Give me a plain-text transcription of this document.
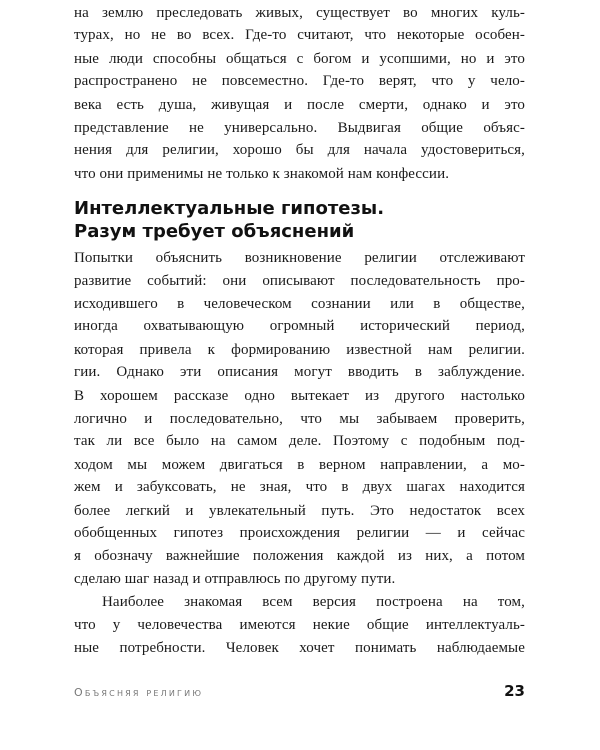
на землю преследовать живых, существует во многих куль-
турах, но не во всех. Где-то считают, что некоторые особен-
ные люди способны общаться с богом и усопшими, но и это
распространено не повсеместно. Где-то верят, что у чело-
века есть душа, живущая и после смерти, однако и это
представление не универсально. Выдвигая общие объяс-
нения для религии, хорошо бы для начала удостовериться,
что они применимы не только к знакомой нам конфессии.
Интеллектуальные гипотезы.
Разум требует объяснений
Попытки объяснить возникновение религии отслеживают
развитие событий: они описывают последовательность про-
исходившего в человеческом сознании или в обществе,
иногда охватывающую огромный исторический период,
которая привела к формированию известной нам религии.
гии. Однако эти описания могут вводить в заблуждение.
В хорошем рассказе одно вытекает из другого настолько
логично и последовательно, что мы забываем проверить,
так ли все было на самом деле. Поэтому с подобным под-
ходом мы можем двигаться в верном направлении, а мо-
жем и забуксовать, не зная, что в двух шагах находится
более легкий и увлекательный путь. Это недостаток всех
обобщенных гипотез происхождения религии — и сейчас
я обозначу важнейшие положения каждой из них, а потом
сделаю шаг назад и отправлюсь по другому пути.
Наиболее знакомая всем версия построена на том,
что у человечества имеются некие общие интеллектуаль-
ные потребности. Человек хочет понимать наблюдаемые
Объясняя религию	23
